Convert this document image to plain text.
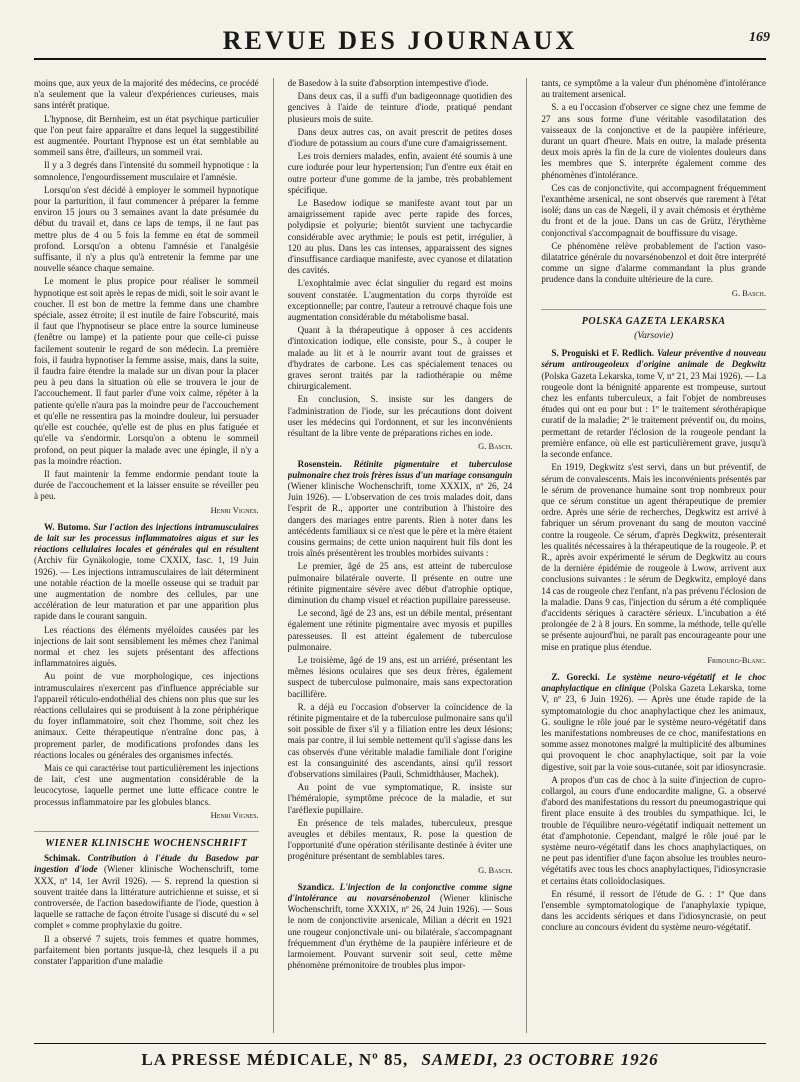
REVUE DES JOURNAUX	169

moins que, aux yeux de la majorité des médecins, ce procédé n'a seulement que la valeur d'expériences curieuses, mais sans intérêt pratique.

L'hypnose, dit Bernheim, est un état psychique particulier que l'on peut faire apparaître et dans lequel la suggestibilité est augmentée. Pourtant l'hypnose est un état semblable au sommeil sans être, d'ailleurs, un sommeil vrai.

Il y a 3 degrés dans l'intensité du sommeil hypnotique : la somnolence, l'engourdissement musculaire et l'amnésie.

Lorsqu'on s'est décidé à employer le sommeil hypnotique pour la parturition, il faut commencer à préparer la femme environ 15 jours ou 3 semaines avant la date présumée du début du travail et, dans ce laps de temps, il ne faut pas mettre plus de 4 ou 5 fois la femme en état de sommeil profond. Lorsqu'on a obtenu l'amnésie et l'analgésie suffisante, il n'y a plus qu'à entretenir la femme par une nouvelle séance chaque semaine.

Le moment le plus propice pour réaliser le sommeil hypnotique est soit après le repas de midi, soit le soir avant le coucher. Il est bon de mettre la femme dans une chambre spéciale, assez étroite; il est inutile de faire l'obscurité, mais il faut que l'hypnotiseur se place entre la source lumineuse (fenêtre ou lampe) et la patiente pour que celle-ci puisse facilement soutenir le regard de son médecin. La première fois, il faudra hypnotiser la femme assise, mais, dans la suite, il faudra faire étendre la malade sur un divan pour la placer peu à peu dans la situation où elle se trouvera le jour de l'accouchement. Il faut parler d'une voix calme, répéter à la patiente qu'elle n'aura pas la moindre peur de l'accouchement et qu'elle ne ressentira pas la moindre douleur, lui persuader qu'elle est couchée, qu'elle est de plus en plus fatiguée et qu'elle va s'endormir. Lorsqu'on a obtenu le sommeil profond, on peut piquer la malade avec une épingle, il n'y a pas la moindre réaction.

Il faut maintenir la femme endormie pendant toute la durée de l'accouchement et la laisser ensuite se réveiller peu à peu.

Henri Vignes.

W. Butomo. Sur l'action des injections intramusculaires de lait sur les processus inflammatoires aigus et sur les réactions cellulaires locales et générales qui en résultent (Archiv für Gynäkologie, tome CXXIX, fasc. 1, 19 Juin 1926). — Les injections intramusculaires de lait déterminent une notable réaction de la moelle osseuse qui se traduit par une augmentation de nombre des cellules, par une accélération de leur maturation et par une apparition plus rapide dans le courant sanguin.

Les réactions des éléments myéloïdes causées par les injections de lait sont sensiblement les mêmes chez l'animal normal et chez les sujets présentant des affections inflammatoires aiguës.

Au point de vue morphologique, ces injections intramusculaires n'exercent pas d'influence appréciable sur l'appareil réticulo-endothélial des chiens non plus que sur les réactions cellulaires qui se produisent à la zone périphérique du foyer inflammatoire, soit chez l'homme, soit chez les animaux. Cette thérapeutique n'entraîne donc pas, à proprement parler, de modifications profondes dans les réactions locales ou générales des organismes infectés.

Mais ce qui caractérise tout particulièrement les injections de lait, c'est une augmentation considérable de la leucocytose, laquelle permet une lutte efficace contre le processus inflammatoire par les globules blancs.

Henri Vignes.
WIENER KLINISCHE WOCHENSCHRIFT

Schimak. Contribution à l'étude du Basedow par ingestion d'iode (Wiener klinische Wochenschrift, tome XXX, nº 14, 1er Avril 1926). — S. reprend la question si souvent traitée dans la littérature autrichienne et suisse, et si controversée, de l'action basedowifiante de l'iode, question à laquelle se rattache de façon étroite l'usage si discuté du « sel complet » comme prophylaxie du goitre.

Il a observé 7 sujets, trois femmes et quatre hommes, parfaitement bien portants jusque-là, chez lesquels il a pu constater l'apparition d'une maladie

de Basedow à la suite d'absorption intempestive d'iode.

Dans deux cas, il a suffi d'un badigeonnage quotidien des gencives à l'aide de teinture d'iode, pratiqué pendant plusieurs mois de suite.

Dans deux autres cas, on avait prescrit de petites doses d'iodure de potassium au cours d'une cure d'amaigrissement.

Les trois derniers malades, enfin, avaient été soumis à une cure iodurée pour leur hypertension; l'un d'entre eux était en outre porteur d'une gomme de la jambe, très probablement spécifique.

Le Basedow iodique se manifeste avant tout par un amaigrissement rapide avec perte rapide des forces, polydipsie et polyurie; bientôt survient une tachycardie considérable avec arythmie; le pouls est petit, irrégulier, à 120 au plus. Dans les cas intenses, apparaissent des signes d'insuffisance cardiaque manifeste, avec cyanose et dilatation des cavités.

L'exophtalmie avec éclat singulier du regard est moins souvent constatée. L'augmentation du corps thyroïde est exceptionnelle; par contre, l'auteur a retrouvé chaque fois une augmentation considérable du métabolisme basal.

Quant à la thérapeutique à opposer à ces accidents d'intoxication iodique, elle consiste, pour S., à couper le malade au lit et à le nourrir avant tout de graisses et d'hydrates de carbone. Les cas spécialement tenaces ou graves seront traités par la radiothérapie ou même chirurgicalement.

En conclusion, S. insiste sur les dangers de l'administration de l'iode, sur les précautions dont doivent user les médecins qui l'ordonnent, et sur les inconvénients résultant de la libre vente de préparations riches en iode.

G. Basch.

Rosenstein. Rétinite pigmentaire et tuberculose pulmonaire chez trois frères issus d'un mariage consanguin (Wiener klinische Wochenschrift, tome XXXIX, nº 26, 24 Juin 1926). — L'observation de ces trois malades doit, dans l'esprit de R., apporter une contribution à l'histoire des dangers des mariages entre parents. Rien à noter dans les antécédents familiaux si ce n'est que le père et la mère étaient cousins germains; de cette union naquirent huit fils dont les trois aînés présentèrent les troubles morbides suivants :

Le premier, âgé de 25 ans, est atteint de tuberculose pulmonaire bilatérale ouverte. Il présente en outre une rétinite pigmentaire sévère avec début d'atrophie optique, diminution du champ visuel et réaction pupillaire paresseuse.

Le second, âgé de 23 ans, est un débile mental, présentant également une rétinite pigmentaire avec myosis et pupilles paresseuses. Il est atteint également de tuberculose pulmonaire.

Le troisième, âgé de 19 ans, est un arriéré, présentant les mêmes lésions oculaires que ses deux frères, également suspect de tuberculose pulmonaire, mais sans expectoration bacillifère.

R. a déjà eu l'occasion d'observer la coïncidence de la rétinite pigmentaire et de la tuberculose pulmonaire sans qu'il soit possible de fixer s'il y a filiation entre les deux lésions; mais par contre, il lui semble nettement qu'il s'agisse dans les cas observés d'une véritable maladie familiale dont l'origine est la consanguinité des ascendants, ainsi qu'il ressort d'observations similaires (Pauli, Schmidthäuser, Machek).

Au point de vue symptomatique, R. insiste sur l'héméralopie, symptôme précoce de la maladie, et sur l'aréflexie pupillaire.

En présence de tels malades, tuberculeux, presque aveugles et débiles mentaux, R. pose la question de l'opportunité d'une opération stérilisante destinée à éviter une progéniture présentant de semblables tares.

G. Basch.

Szandicz. L'injection de la conjonctive comme signe d'intolérance au novarsénobenzol (Wiener klinische Wochenschrift, tome XXXIX, nº 26, 24 Juin 1926). — Sous le nom de conjonctivite arsenicale, Milian a décrit en 1921 une rougeur conjonctivale uni- ou bilatérale, s'accompagnant fréquemment d'un érythème de la paupière inférieure et de larmoiement. Pouvant survenir soit seul, cette même phénomène prémonitoire de troubles plus impor-

tants, ce symptôme a la valeur d'un phénomène d'intolérance au traitement arsenical.

S. a eu l'occasion d'observer ce signe chez une femme de 27 ans sous forme d'une véritable vasodilatation des vaisseaux de la conjonctive et de la paupière inférieure, durant un quart d'heure. Mais en outre, la malade présenta deux mois après la fin de la cure de violentes douleurs dans les membres que S. interpréte également comme des phénomènes d'intolérance.

Ces cas de conjonctivite, qui accompagnent fréquemment l'exanthème arsenical, ne sont observés que rarement à l'état isolé; dans un cas de Nægeli, il y avait chémosis et érythème du front et de la joue. Dans un cas de Grütz, l'érythème conjonctival s'accompagnait de bouffissure du visage.

Ce phénomène relève probablement de l'action vaso-dilatatrice générale du novarsénobenzol et doit être interprété comme un signe d'alarme commandant la plus grande prudence dans la conduite ultérieure de la cure.

G. Basch.
POLSKA GAZETA LEKARSKA
(Varsovie)

S. Proguiski et F. Redlich. Valeur préventive d nouveau sérum antirougeoleux d'origine animale de Degkwitz (Polska Gazeta Lekarska, tome V, nº 21, 23 Mai 1926). — La rougeole dont la bénignité apparente est trompeuse, surtout chez les enfants tuberculeux, a fait l'objet de nombreuses études qui ont eu pour but : 1º le traitement sérothérapique curatif de la maladie; 2º le traitement préventif ou, du moins, permettant de retarder l'éclosion de la rougeole pendant la première enfance, où elle est particulièrement grave, jusqu'à la seconde enfance.

En 1919, Degkwitz s'est servi, dans un but préventif, de sérum de convalescents. Mais les inconvénients présentés par le sérum de provenance humaine sont trop nombreux pour que ce sérum constitue un agent thérapeutique de premier ordre. Après une série de recherches, Degkwitz est arrivé à fabriquer un sérum provenant du sang de mouton vacciné contre la rougeole. Ce sérum, d'après Degkwitz, présenterait les qualités nécessaires à la thérapeutique de la rougeole. P. et R., après avoir expérimenté le sérum de Degkwitz au cours de la dernière épidémie de rougeole à Lwow, arrivent aux conclusions suivantes : le sérum de Degkwitz, employé dans 14 cas de rougeole chez l'enfant, n'a pas prévenu l'éclosion de la maladie. Dans 9 cas, l'injection du sérum a été compliquée d'accidents sériques à caractère sérieux. L'incubation a été prolongée de 2 à 8 jours. En somme, la méthode, telle qu'elle se présente aujourd'hui, ne paraît pas encourageante pour une mise en pratique plus étendue.

Fribourg-Blanc.

Z. Gorecki. Le système neuro-végétatif et le choc anaphylactique en clinique (Polska Gazeta Lekarska, tome V, nº 23, 6 Juin 1926). — Après une étude rapide de la symptomatologie du choc anaphylactique chez les animaux, G. souligne le rôle joué par le système neuro-végétatif dans les manifestations nombreuses de ce choc, manifestations en somme assez monotones malgré la multiplicité des albumines qui provoquent le choc anaphylactique, soit par la voie digestive, soit par la voie sous-cutanée, soit par idiosyncrasie.

A propos d'un cas de choc à la suite d'injection de cupro-collargol, au cours d'une endocardite maligne, G. a observé d'abord des manifestations du ressort du pneumogastrique qui firent place ensuite à des troubles du sympathique. Ici, le trouble de l'équilibre neuro-végétatif indiquait nettement un état d'amphotonie. Cependant, malgré le rôle joué par le système neuro-végétatif dans les chocs anaphylactiques, on ne peut pas identifier d'une façon absolue les troubles neuro-végétatifs avec tous les chocs anaphylactiques, l'idiosyncrasie et certains états colloïdoclasiques.

En résumé, il ressort de l'étude de G. : 1º Que dans l'ensemble symptomatologique de l'anaphylaxie typique, dans les accidents sériques et dans l'idiosyncrasie, on peut conclure au concours évident du système neuro-végétatif.

LA PRESSE MÉDICALE, Nº 85, SAMEDI, 23 OCTOBRE 1926
